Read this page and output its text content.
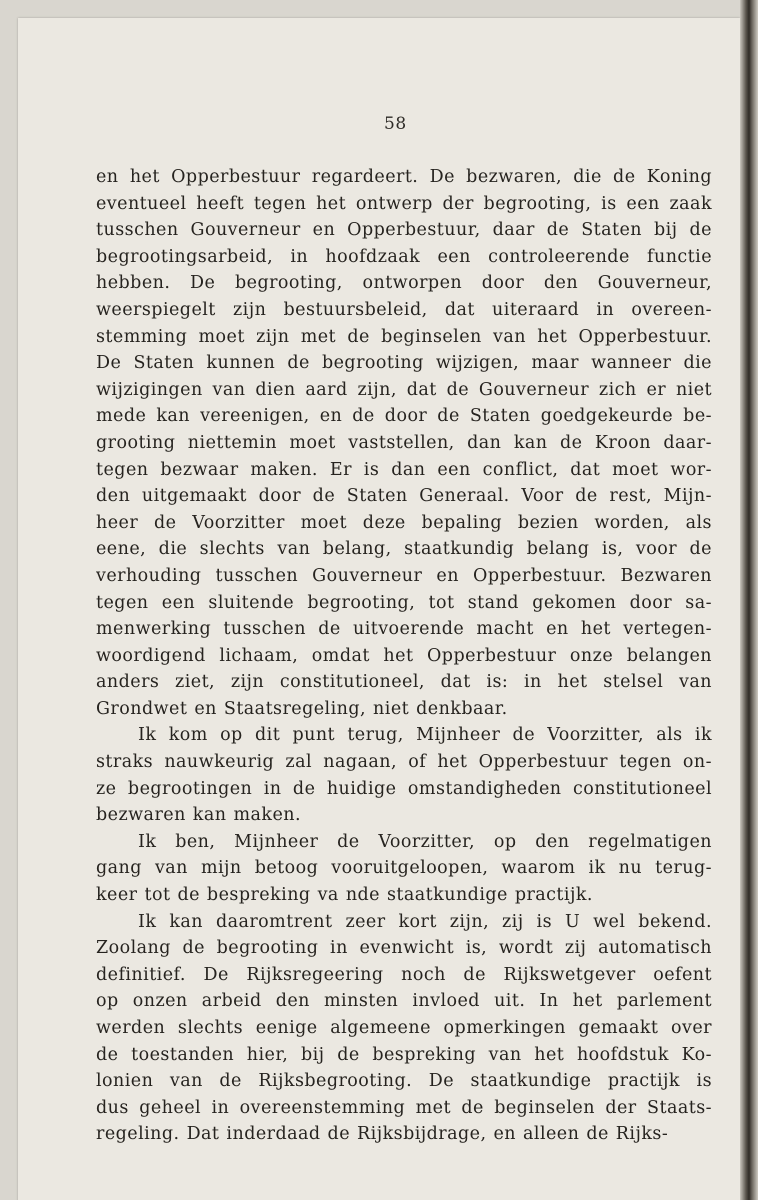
58
en het Opperbestuur regardeert. De bezwaren, die de Koning
eventueel heeft tegen het ontwerp der begrooting, is een zaak
tusschen Gouverneur en Opperbestuur, daar de Staten bij de
begrootingsarbeid, in hoofdzaak een controleerende functie
hebben. De begrooting, ontworpen door den Gouverneur,
weerspiegelt zijn bestuursbeleid, dat uiteraard in overeen-
stemming moet zijn met de beginselen van het Opperbestuur.
De Staten kunnen de begrooting wijzigen, maar wanneer die
wijzigingen van dien aard zijn, dat de Gouverneur zich er niet
mede kan vereenigen, en de door de Staten goedgekeurde be-
grooting niettemin moet vaststellen, dan kan de Kroon daar-
tegen bezwaar maken. Er is dan een conflict, dat moet wor-
den uitgemaakt door de Staten Generaal. Voor de rest, Mijn-
heer de Voorzitter moet deze bepaling bezien worden, als
eene, die slechts van belang, staatkundig belang is, voor de
verhouding tusschen Gouverneur en Opperbestuur. Bezwaren
tegen een sluitende begrooting, tot stand gekomen door sa-
menwerking tusschen de uitvoerende macht en het vertegen-
woordigend lichaam, omdat het Opperbestuur onze belangen
anders ziet, zijn constitutioneel, dat is: in het stelsel van
Grondwet en Staatsregeling, niet denkbaar.
Ik kom op dit punt terug, Mijnheer de Voorzitter, als ik
straks nauwkeurig zal nagaan, of het Opperbestuur tegen on-
ze begrootingen in de huidige omstandigheden constitutioneel
bezwaren kan maken.
Ik ben, Mijnheer de Voorzitter, op den regelmatigen
gang van mijn betoog vooruitgeloopen, waarom ik nu terug-
keer tot de bespreking va nde staatkundige practijk.
Ik kan daaromtrent zeer kort zijn, zij is U wel bekend.
Zoolang de begrooting in evenwicht is, wordt zij automatisch
definitief. De Rijksregeering noch de Rijkswetgever oefent
op onzen arbeid den minsten invloed uit. In het parlement
werden slechts eenige algemeene opmerkingen gemaakt over
de toestanden hier, bij de bespreking van het hoofdstuk Ko-
lonien van de Rijksbegrooting. De staatkundige practijk is
dus geheel in overeenstemming met de beginselen der Staats-
regeling. Dat inderdaad de Rijksbijdrage, en alleen de Rijks-
